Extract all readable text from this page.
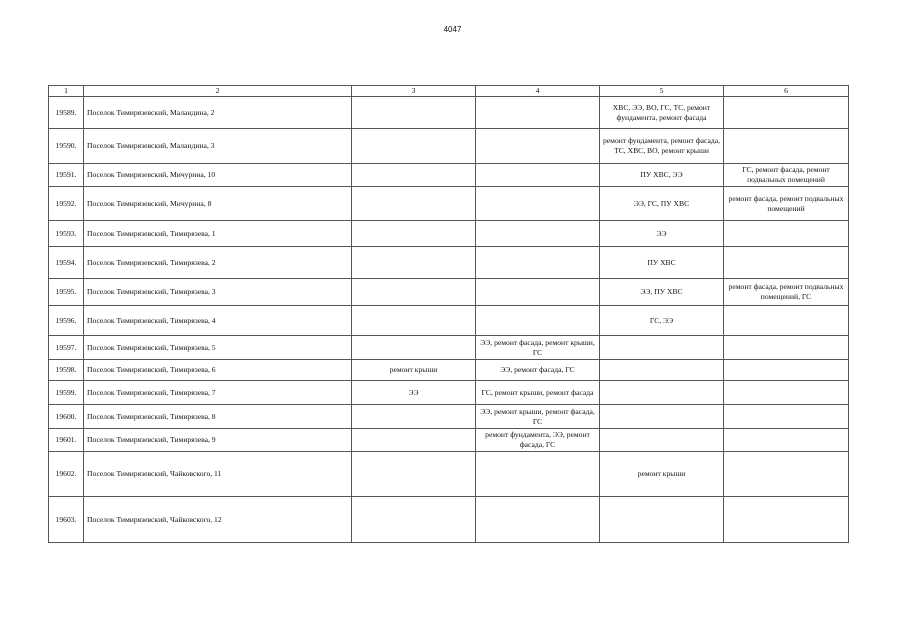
4047
1	2	3	4	5	6
19589.	Поселок Тимирязевский, Маландина, 2			ХВС, ЭЭ, ВО, ГС, ТС, ремонт фундамента, ремонт фасада	
19590.	Поселок Тимирязевский, Маландина, 3			ремонт фундамента, ремонт фасада, ТС, ХВС, ВО, ремонт крыши	
19591.	Поселок Тимирязевский, Мичурина, 10			ПУ ХВС, ЭЭ	ГС, ремонт фасада, ремонт подвальных помещений
19592.	Поселок Тимирязевский, Мичурина, 8			ЭЭ, ГС, ПУ ХВС	ремонт фасада, ремонт подвальных помещений
19593.	Поселок Тимирязевский, Тимирязева, 1			ЭЭ	
19594.	Поселок Тимирязевский, Тимирязева, 2			ПУ ХВС	
19595.	Поселок Тимирязевский, Тимирязева, 3			ЭЭ, ПУ ХВС	ремонт фасада, ремонт подвальных помещений, ГС
19596.	Поселок Тимирязевский, Тимирязева, 4			ГС, ЭЭ	
19597.	Поселок Тимирязевский, Тимирязева, 5		ЭЭ, ремонт фасада, ремонт крыши, ГС		
19598.	Поселок Тимирязевский, Тимирязева, 6	ремонт крыши	ЭЭ, ремонт фасада, ГС		
19599.	Поселок Тимирязевский, Тимирязева, 7	ЭЭ	ГС, ремонт крыши, ремонт фасада		
19600.	Поселок Тимирязевский, Тимирязева, 8		ЭЭ, ремонт крыши, ремонт фасада, ГС		
19601.	Поселок Тимирязевский, Тимирязева, 9		ремонт фундамента, ЭЭ, ремонт фасада, ГС		
19602.	Поселок Тимирязевский, Чайковского, 11			ремонт крыши	
19603.	Поселок Тимирязевский, Чайковского, 12				
